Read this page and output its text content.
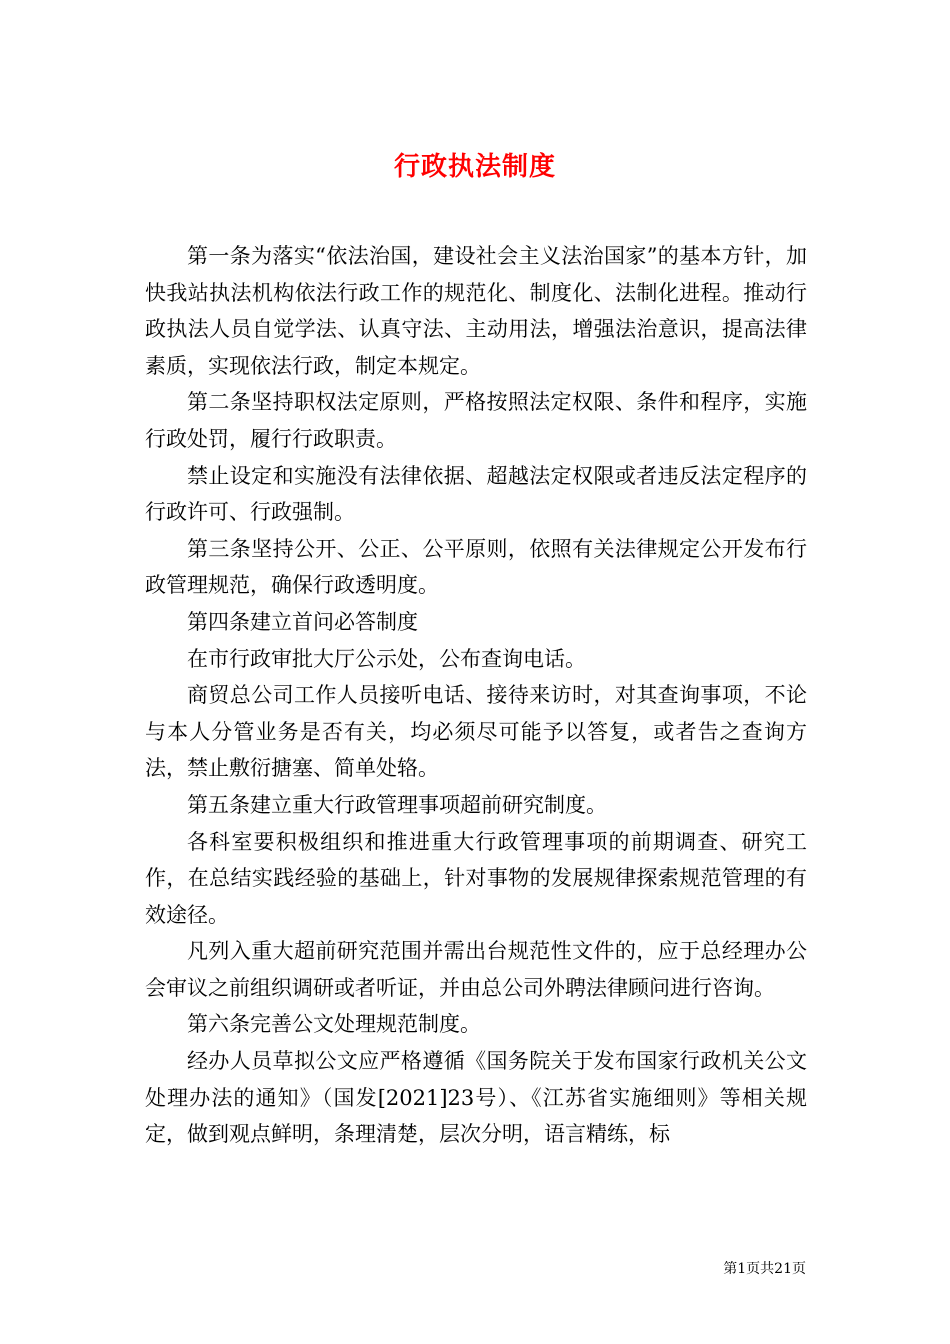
行政执法制度

第一条为落实“依法治国，建设社会主义法治国家”的基本方针，加快我站执法机构依法行政工作的规范化、制度化、法制化进程。推动行政执法人员自觉学法、认真守法、主动用法，增强法治意识，提高法律素质，实现依法行政，制定本规定。

第二条坚持职权法定原则，严格按照法定权限、条件和程序，实施行政处罚，履行行政职责。

禁止设定和实施没有法律依据、超越法定权限或者违反法定程序的行政许可、行政强制。

第三条坚持公开、公正、公平原则，依照有关法律规定公开发布行政管理规范，确保行政透明度。

第四条建立首问必答制度

在市行政审批大厅公示处，公布查询电话。

商贸总公司工作人员接听电话、接待来访时，对其查询事项，不论与本人分管业务是否有关，均必须尽可能予以答复，或者告之查询方法，禁止敷衍搪塞、简单处辂。

第五条建立重大行政管理事项超前研究制度。

各科室要积极组织和推进重大行政管理事项的前期调查、研究工作，在总结实践经验的基础上，针对事物的发展规律探索规范管理的有效途径。

凡列入重大超前研究范围并需出台规范性文件的，应于总经理办公会审议之前组织调研或者听证，并由总公司外聘法律顾问进行咨询。

第六条完善公文处理规范制度。

经办人员草拟公文应严格遵循《国务院关于发布国家行政机关公文处理办法的通知》（国发[2021]23号）、《江苏省实施细则》等相关规定，做到观点鲜明，条理清楚，层次分明，语言精练，标

第1页共21页
